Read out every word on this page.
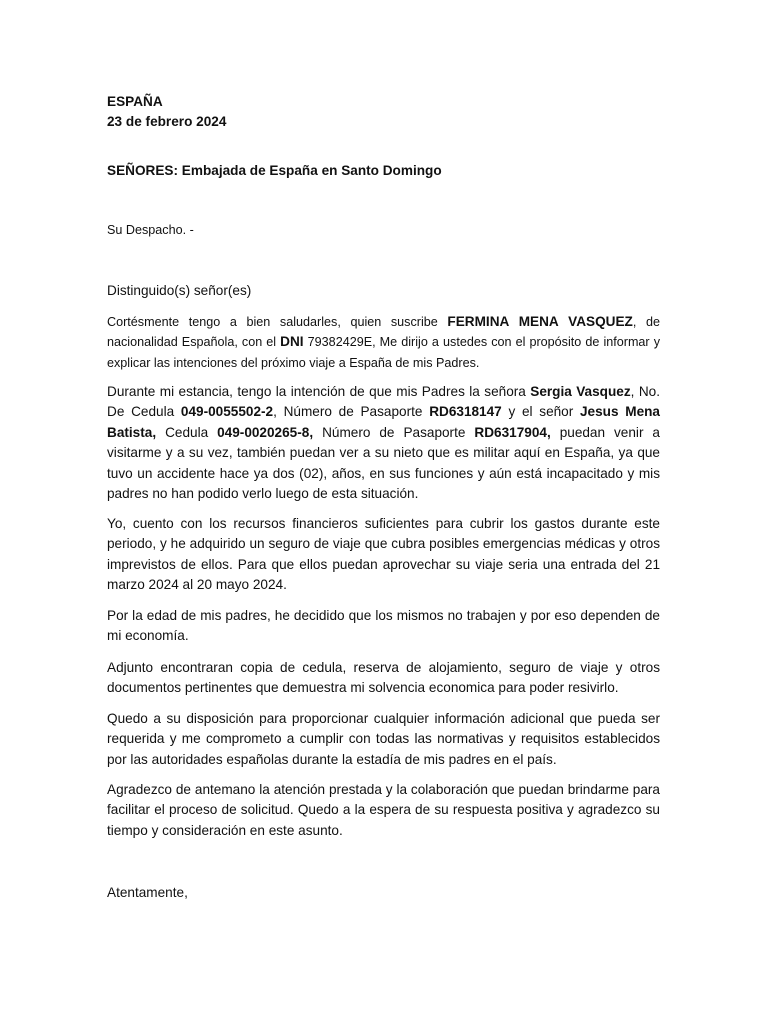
ESPAÑA
23 de febrero 2024
SEÑORES: Embajada de España en Santo Domingo
Su Despacho. -
Distinguido(s) señor(es)

Cortésmente tengo a bien saludarles, quien suscribe FERMINA MENA VASQUEZ, de nacionalidad Española, con el DNI 79382429E, Me dirijo a ustedes con el propósito de informar y explicar las intenciones del próximo viaje a España de mis Padres.

Durante mi estancia, tengo la intención de que mis Padres la señora Sergia Vasquez, No. De Cedula 049-0055502-2, Número de Pasaporte RD6318147 y el señor Jesus Mena Batista, Cedula 049-0020265-8, Número de Pasaporte RD6317904, puedan venir a visitarme y a su vez, también puedan ver a su nieto que es militar aquí en España, ya que tuvo un accidente hace ya dos (02), años, en sus funciones y aún está incapacitado y mis padres no han podido verlo luego de esta situación.

Yo, cuento con los recursos financieros suficientes para cubrir los gastos durante este periodo, y he adquirido un seguro de viaje que cubra posibles emergencias médicas y otros imprevistos de ellos. Para que ellos puedan aprovechar su viaje seria una entrada del 21 marzo 2024 al 20 mayo 2024.

Por la edad de mis padres, he decidido que los mismos no trabajen y por eso dependen de mi economía.

Adjunto encontraran copia de cedula, reserva de alojamiento, seguro de viaje y otros documentos pertinentes que demuestra mi solvencia economica para poder resivirlo.

Quedo a su disposición para proporcionar cualquier información adicional que pueda ser requerida y me comprometo a cumplir con todas las normativas y requisitos establecidos por las autoridades españolas durante la estadía de mis padres en el país.

Agradezco de antemano la atención prestada y la colaboración que puedan brindarme para facilitar el proceso de solicitud. Quedo a la espera de su respuesta positiva y agradezco su tiempo y consideración en este asunto.

Atentamente,
